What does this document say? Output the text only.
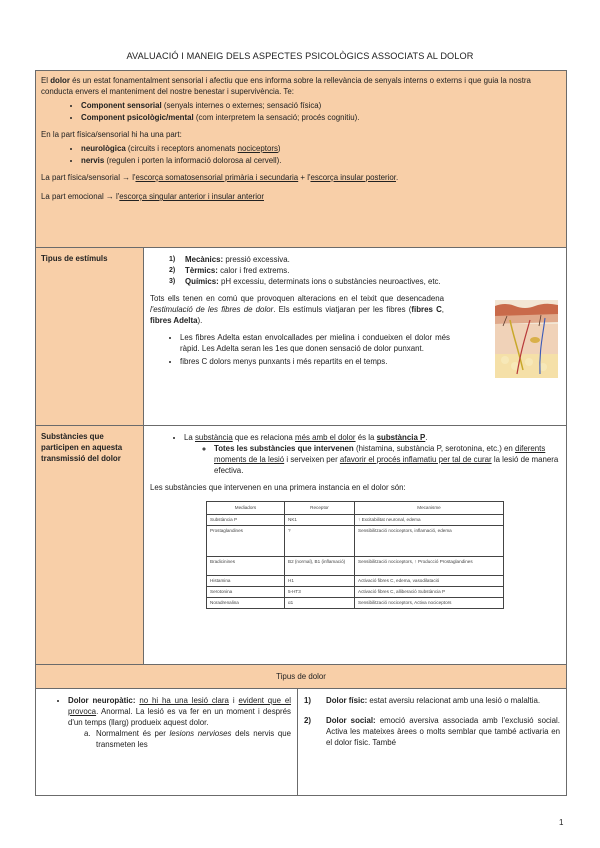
AVALUACIÓ I MANEIG DELS ASPECTES PSICOLÒGICS ASSOCIATS AL DOLOR

El dolor és un estat fonamentalment sensorial i afectiu que ens informa sobre la rellevància de senyals interns o externs i que guia la nostra conducta envers el manteniment del nostre benestar i supervivència. Te:

• Component sensorial (senyals internes o externes; sensació física)
• Component psicològic/mental (com interpretem la sensació; procés cognitiu).

En la part física/sensorial hi ha una part:

• neurològica (circuits i receptors anomenats nociceptors)
• nervis (regulen i porten la informació dolorosa al cervell).

La part física/sensorial → l'escorça somatosensorial primària i secundaria + l'escorça insular posterior.

La part emocional → l'escorça singular anterior i insular anterior

Tipus de estímuls	1) Mecànics: pressió excessiva.
2) Tèrmics: calor i fred extrems.
3) Químics: pH excessiu, determinats ions o substàncies neuroactives, etc.
Tots ells tenen en comú que provoquen alteracions en el teixit que desencadena l'estimulació de les fibres de dolor. Els estímuls viatjaran per les fibres (fibres C, fibres Adelta).
• Les fibres Adelta estan envolcallades per mielina i condueixen el dolor més ràpid. Les Adelta seran les 1es que donen sensació de dolor punxant.
• fibres C dolors menys punxants i més repartits en el temps.

Substàncies que participen en aquesta transmissió del dolor	
• La substància que es relaciona més amb el dolor és la substància P.
◦ Totes les substàncies que intervenen (histamina, substància P, serotonina, etc.) en diferents moments de la lesió i serveixen per afavorir el procés inflamatiu per tal de curar la lesió de manera efectiva.
Les substàncies que intervenen en una primera instancia en el dolor són:
Mediadors	Receptor	Mecanisme
Substància P	NK1	↑ Excitabilitat neuronal, edema
Prostaglandines	?	Sensibilització nociceptors, inflamació, edema
Bradicinines	B2 (normal), B1 (inflamació)	Sensibilització nociceptors, ↑ Producció Prostaglandines
Histamina	H1	Activació fibres C, edema, vasodilatació
Serotonina	5-HT3	Activació fibres C, alliberació Substància P
Noradrenalina	α1	Sensibilització nociceptors, Activa nociceptors

Tipus de dolor
• Dolor neuropàtic: no hi ha una lesió clara i evident que el provoca. Anormal. La lesió es va fer en un moment i després d'un temps (llarg) produeix aquest dolor.
a. Normalment és per lesions nervioses dels nervis que transmeten les

1) Dolor físic: estat aversiu relacionat amb una lesió o malaltia.
2) Dolor social: emoció aversiva associada amb l'exclusió social. Activa les mateixes àrees o molts semblar que també activaria en el dolor físic. També
1
